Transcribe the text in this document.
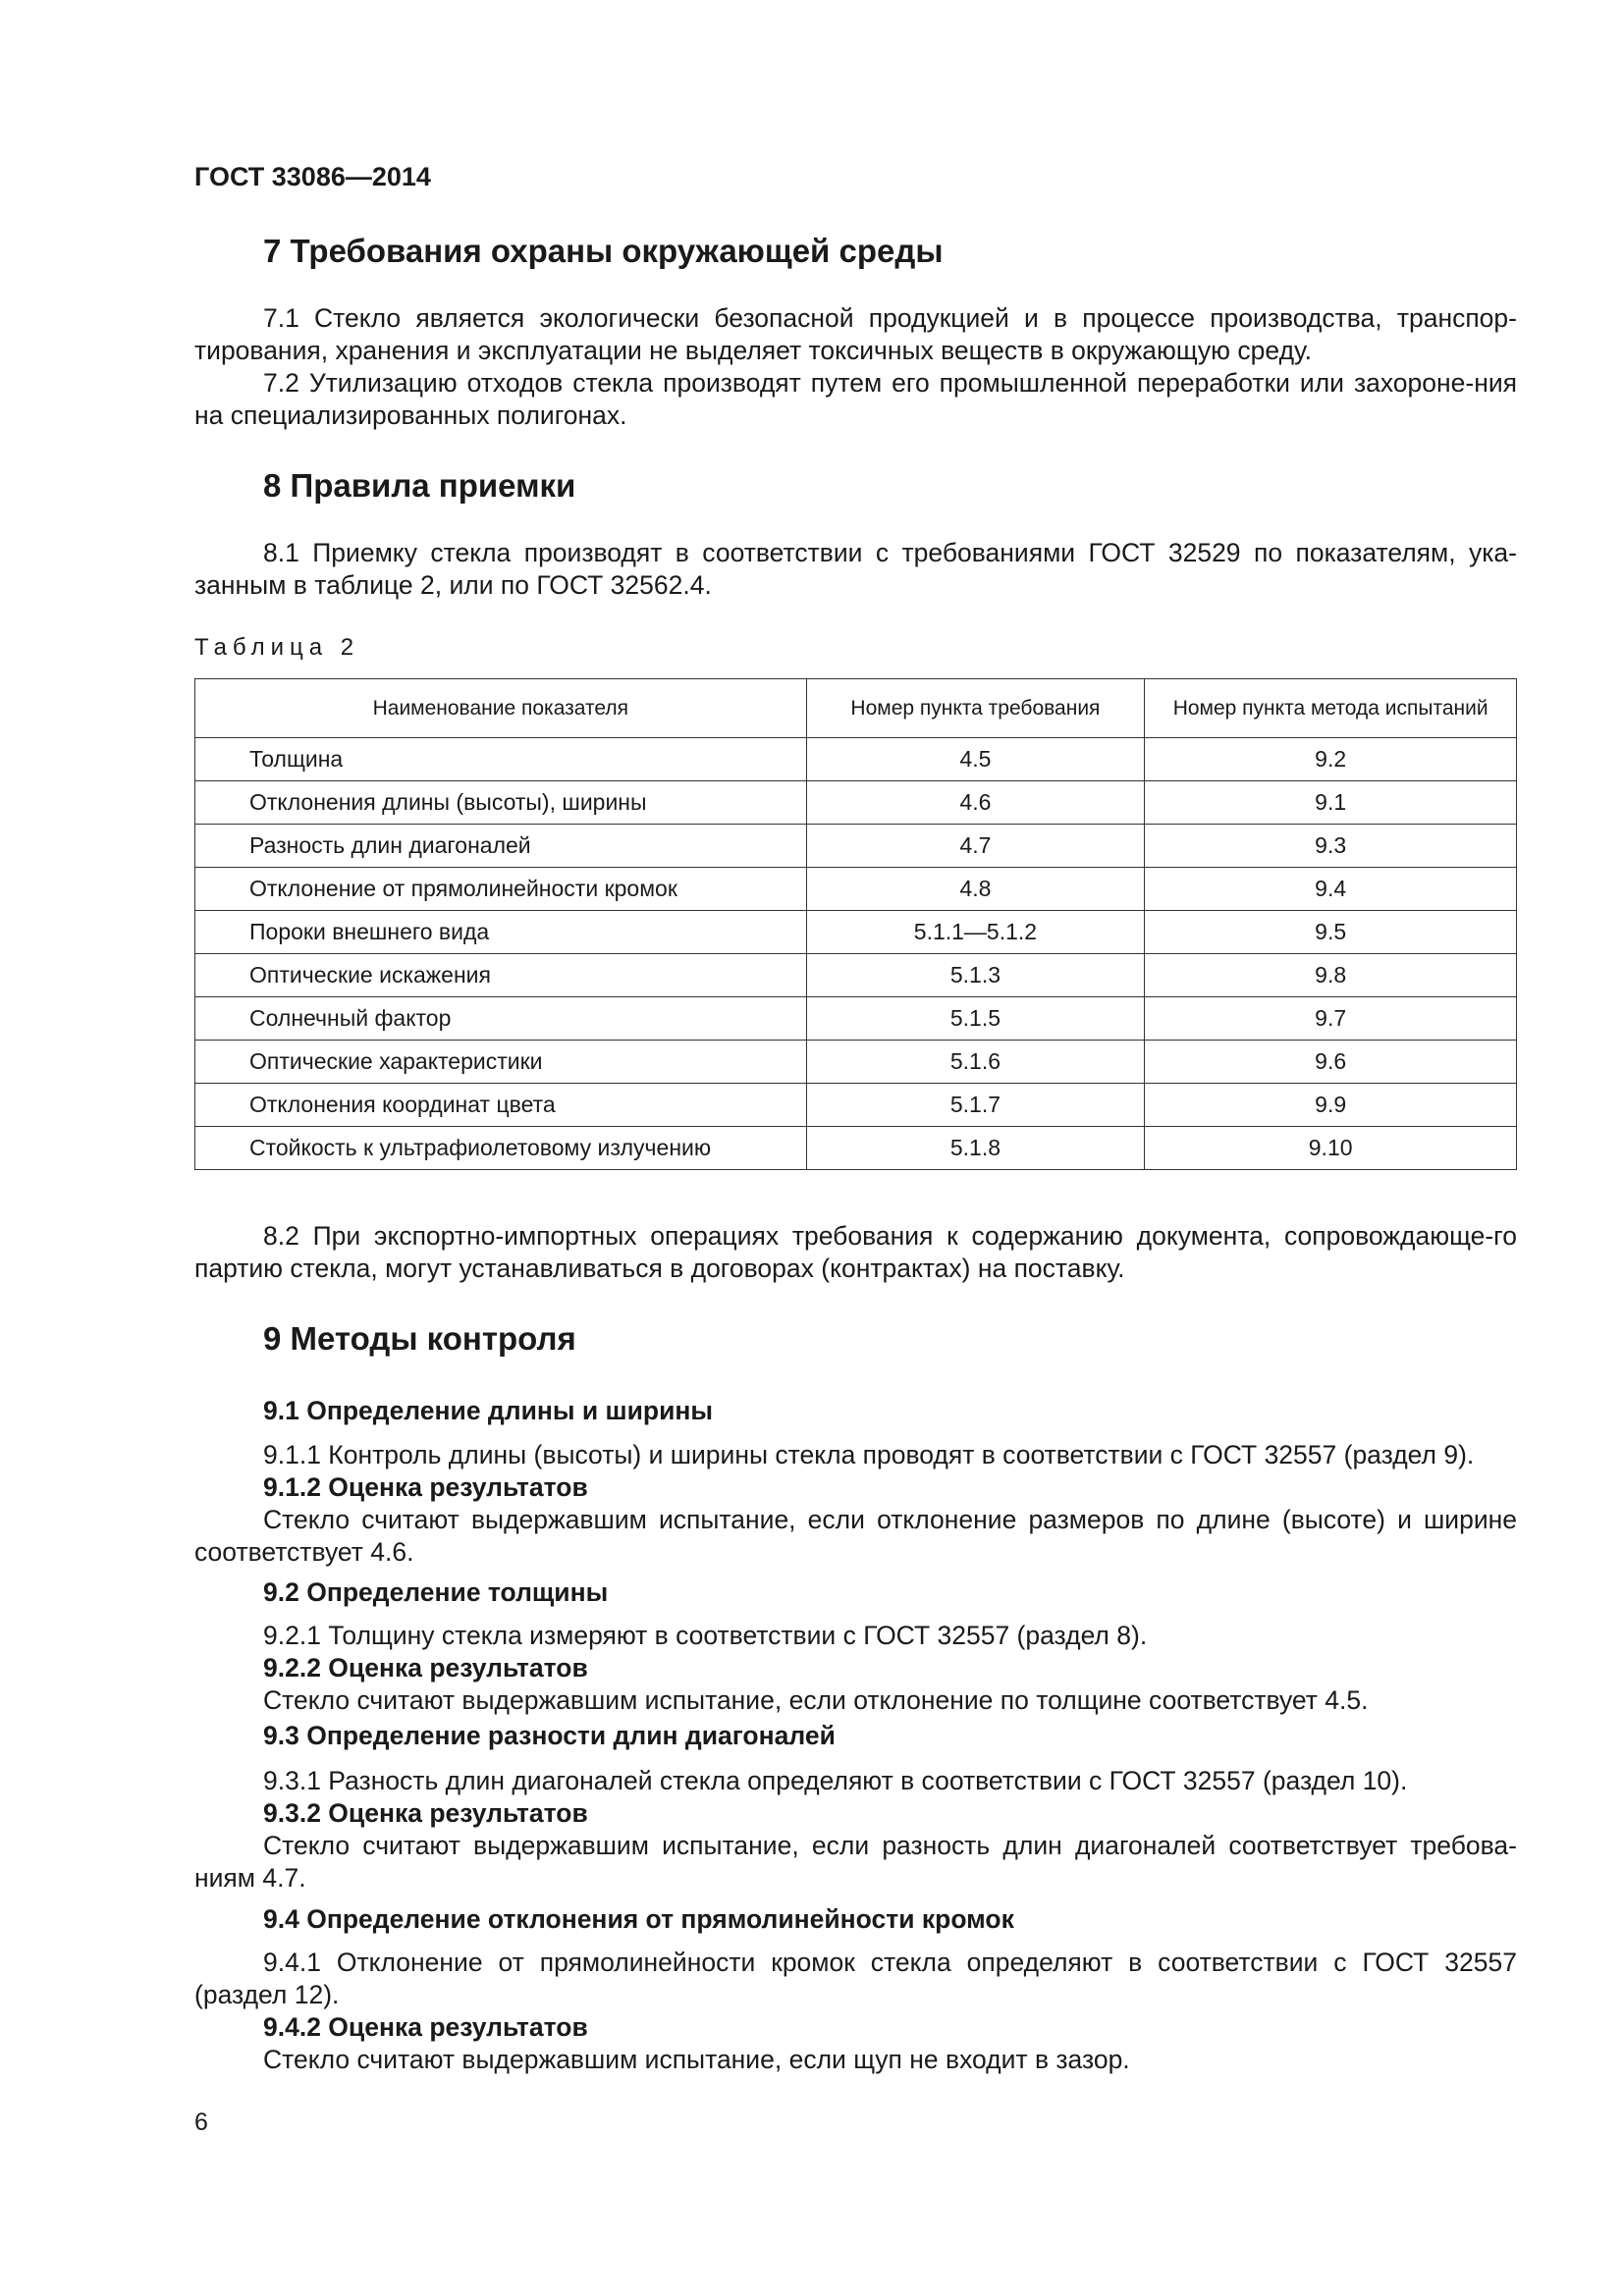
ГОСТ 33086—2014
7 Требования охраны окружающей среды
7.1 Стекло является экологически безопасной продукцией и в процессе производства, транспор-тирования, хранения и эксплуатации не выделяет токсичных веществ в окружающую среду.
7.2 Утилизацию отходов стекла производят путем его промышленной переработки или захороне-ния на специализированных полигонах.
8 Правила приемки
8.1 Приемку стекла производят в соответствии с требованиями ГОСТ 32529 по показателям, ука-занным в таблице 2, или по ГОСТ 32562.4.
Таблица 2
Наименование показателя	Номер пункта требования	Номер пункта метода испытаний
Толщина	4.5	9.2
Отклонения длины (высоты), ширины	4.6	9.1
Разность длин диагоналей	4.7	9.3
Отклонение от прямолинейности кромок	4.8	9.4
Пороки внешнего вида	5.1.1—5.1.2	9.5
Оптические искажения	5.1.3	9.8
Солнечный фактор	5.1.5	9.7
Оптические характеристики	5.1.6	9.6
Отклонения координат цвета	5.1.7	9.9
Стойкость к ультрафиолетовому излучению	5.1.8	9.10
8.2 При экспортно-импортных операциях требования к содержанию документа, сопровождающе-го партию стекла, могут устанавливаться в договорах (контрактах) на поставку.
9 Методы контроля
9.1 Определение длины и ширины
9.1.1 Контроль длины (высоты) и ширины стекла проводят в соответствии с ГОСТ 32557 (раздел 9).
9.1.2 Оценка результатов
Стекло считают выдержавшим испытание, если отклонение размеров по длине (высоте) и ширине соответствует 4.6.
9.2 Определение толщины
9.2.1 Толщину стекла измеряют в соответствии с ГОСТ 32557 (раздел 8).
9.2.2 Оценка результатов
Стекло считают выдержавшим испытание, если отклонение по толщине соответствует 4.5.
9.3 Определение разности длин диагоналей
9.3.1 Разность длин диагоналей стекла определяют в соответствии с ГОСТ 32557 (раздел 10).
9.3.2 Оценка результатов
Стекло считают выдержавшим испытание, если разность длин диагоналей соответствует требова-ниям 4.7.
9.4 Определение отклонения от прямолинейности кромок
9.4.1 Отклонение от прямолинейности кромок стекла определяют в соответствии с ГОСТ 32557 (раздел 12).
9.4.2 Оценка результатов
Стекло считают выдержавшим испытание, если щуп не входит в зазор.
6
